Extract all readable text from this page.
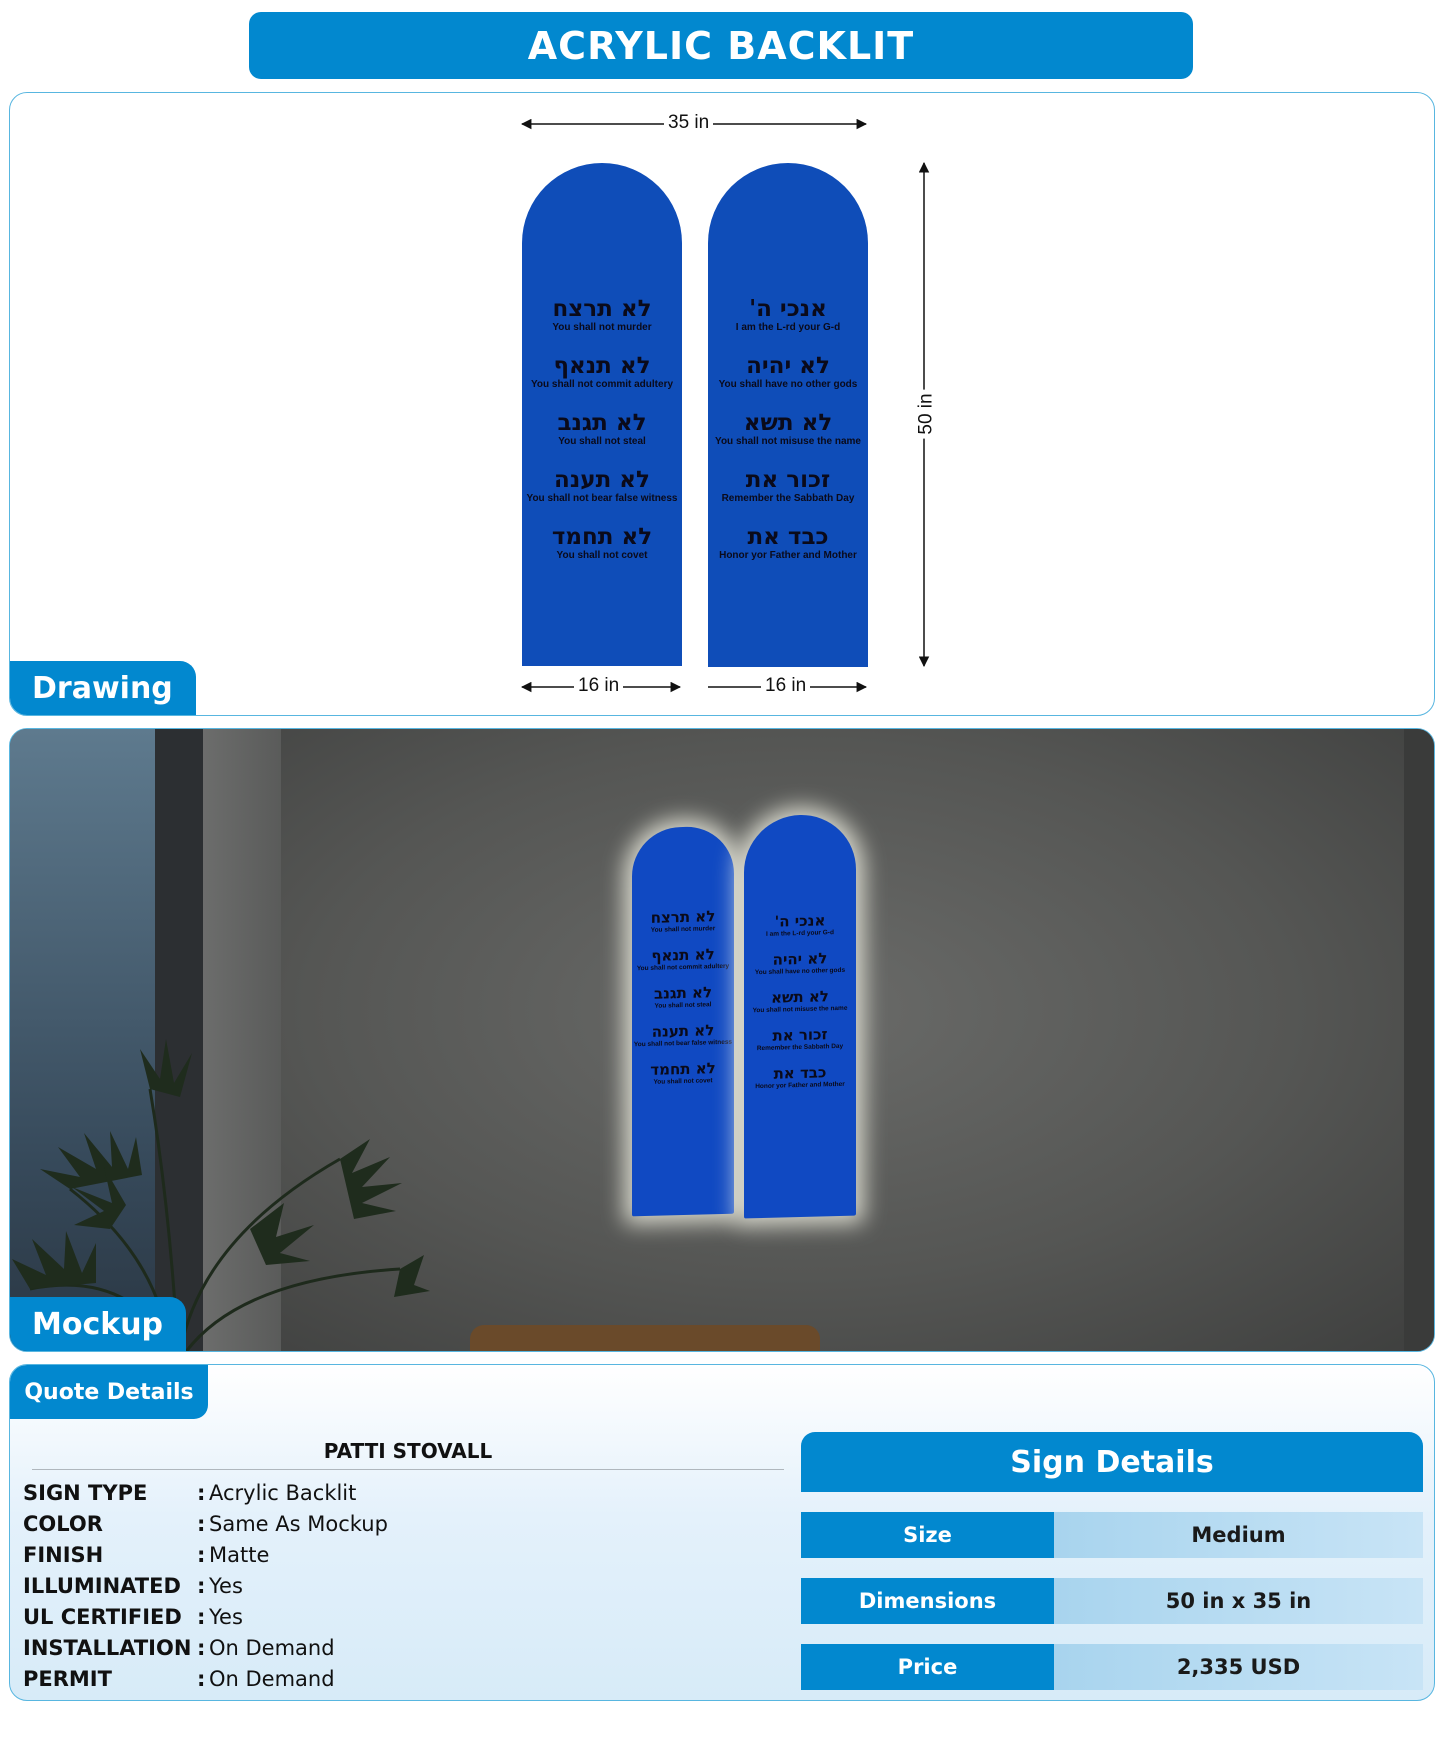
ACRYLIC BACKLIT
35 in
50 in
16 in	16 in
לא תרצח
You shall not murder
לא תנאף
You shall not commit adultery
לא תגנב
You shall not steal
לא תענה
You shall not bear false witness
לא תחמד
You shall not covet
אנכי ה'
I am the L-rd your G-d
לא יהיה
You shall have no other gods
לא תשא
You shall not misuse the name
זכור את
Remember the Sabbath Day
כבד את
Honor yor Father and Mother
Drawing
לא תרצח
You shall not murder
לא תנאף
You shall not commit adultery
לא תגנב
You shall not steal
לא תענה
You shall not bear false witness
לא תחמד
You shall not covet
אנכי ה'
I am the L-rd your G-d
לא יהיה
You shall have no other gods
לא תשא
You shall not misuse the name
זכור את
Remember the Sabbath Day
כבד את
Honor yor Father and Mother
Mockup
Quote Details
PATTI STOVALL
SIGN TYPE	: Acrylic Backlit
COLOR	: Same As Mockup
FINISH	: Matte
ILLUMINATED : Yes
UL CERTIFIED : Yes
INSTALLATION : On Demand
PERMIT	: On Demand
Sign Details
Size	Medium
Dimensions	50 in x 35 in
Price	2,335 USD
